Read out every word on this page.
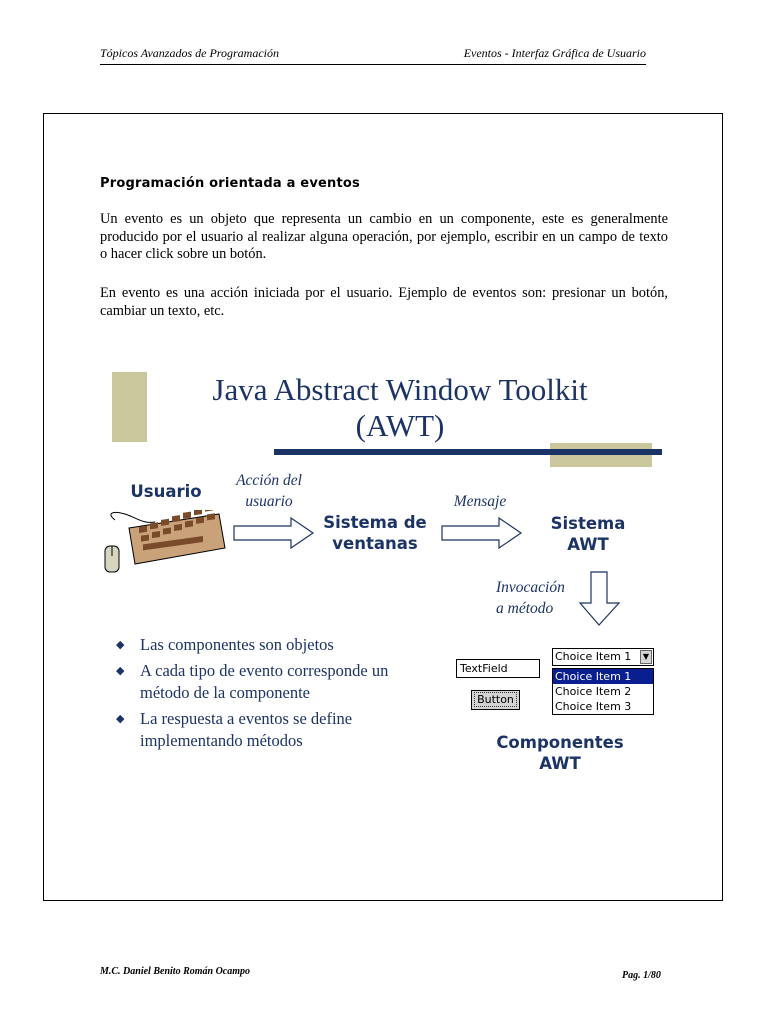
Tópicos Avanzados de Programación	Eventos - Interfaz Gráfica de Usuario
Programación orientada a eventos

Un evento es un objeto que representa un cambio en un componente, este es generalmente producido por el usuario al realizar alguna operación, por ejemplo, escribir en un campo de texto o hacer click sobre un botón.

En evento es una acción iniciada por el usuario. Ejemplo de eventos son: presionar un botón, cambiar un texto, etc.

Java Abstract Window Toolkit
(AWT)
Usuario
Acción del
usuario
Sistema de
ventanas
Mensaje
Sistema
AWT
Invocación
a método
◆ Las componentes son objetos
◆ A cada tipo de evento corresponde un método de la componente
◆ La respuesta a eventos se define implementando métodos
TextField
Button
Choice Item 1	▼
Choice Item 1
Choice Item 2
Choice Item 3
Componentes
AWT
M.C. Daniel Benito Román Ocampo	Pag. 1/80
